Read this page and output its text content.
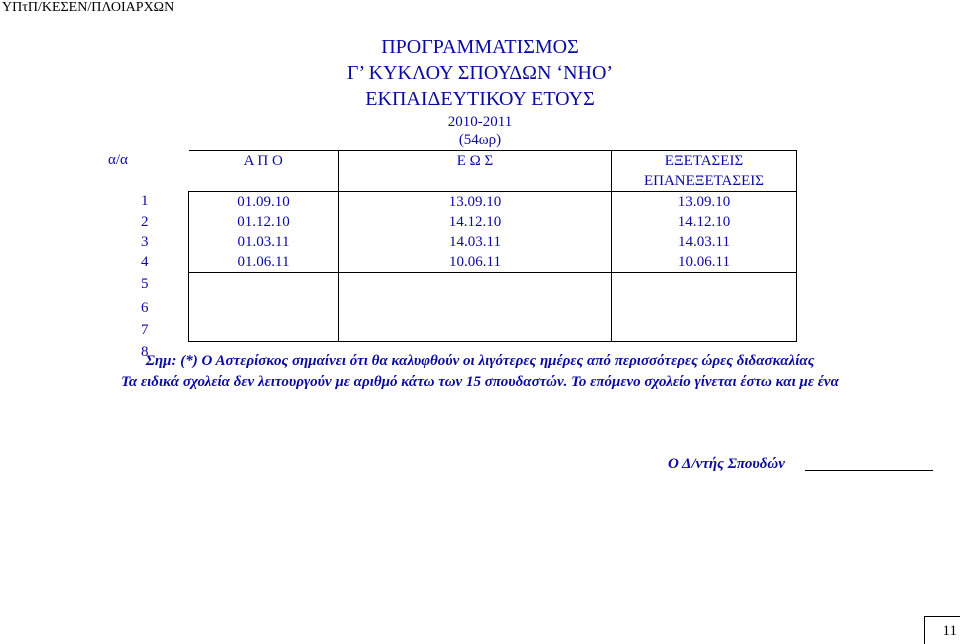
ΥΠτΠ/ΚΕΣΕΝ/ΠΛΟΙΑΡΧΩΝ
ΠΡΟΓΡΑΜΜΑΤΙΣΜΟΣ
Γ’ ΚΥΚΛΟΥ ΣΠΟΥΔΩΝ ‘ΝΗΟ’
ΕΚΠΑΙΔΕΥΤΙΚΟΥ ΕΤΟΥΣ
2010-2011
(54ωρ)
α/α	Α Π Ο	Ε Ω Σ	ΕΞΕΤΑΣΕΙΣ
			ΕΠΑΝΕΞΕΤΑΣΕΙΣ
1	01.09.10	13.09.10	13.09.10
2	01.12.10	14.12.10	14.12.10
3	01.03.11	14.03.11	14.03.11
4	01.06.11	10.06.11	10.06.11
5			
6			
7			
8			
Σημ: (*) Ο Αστερίσκος σημαίνει ότι θα καλυφθούν οι λιγότερες ημέρες από περισσότερες ώρες διδασκαλίας
Τα ειδικά σχολεία δεν λειτουργούν με αριθμό κάτω των 15 σπουδαστών. Το επόμενο σχολείο γίνεται έστω και με ένα
Ο Δ/ντής Σπουδών
11
